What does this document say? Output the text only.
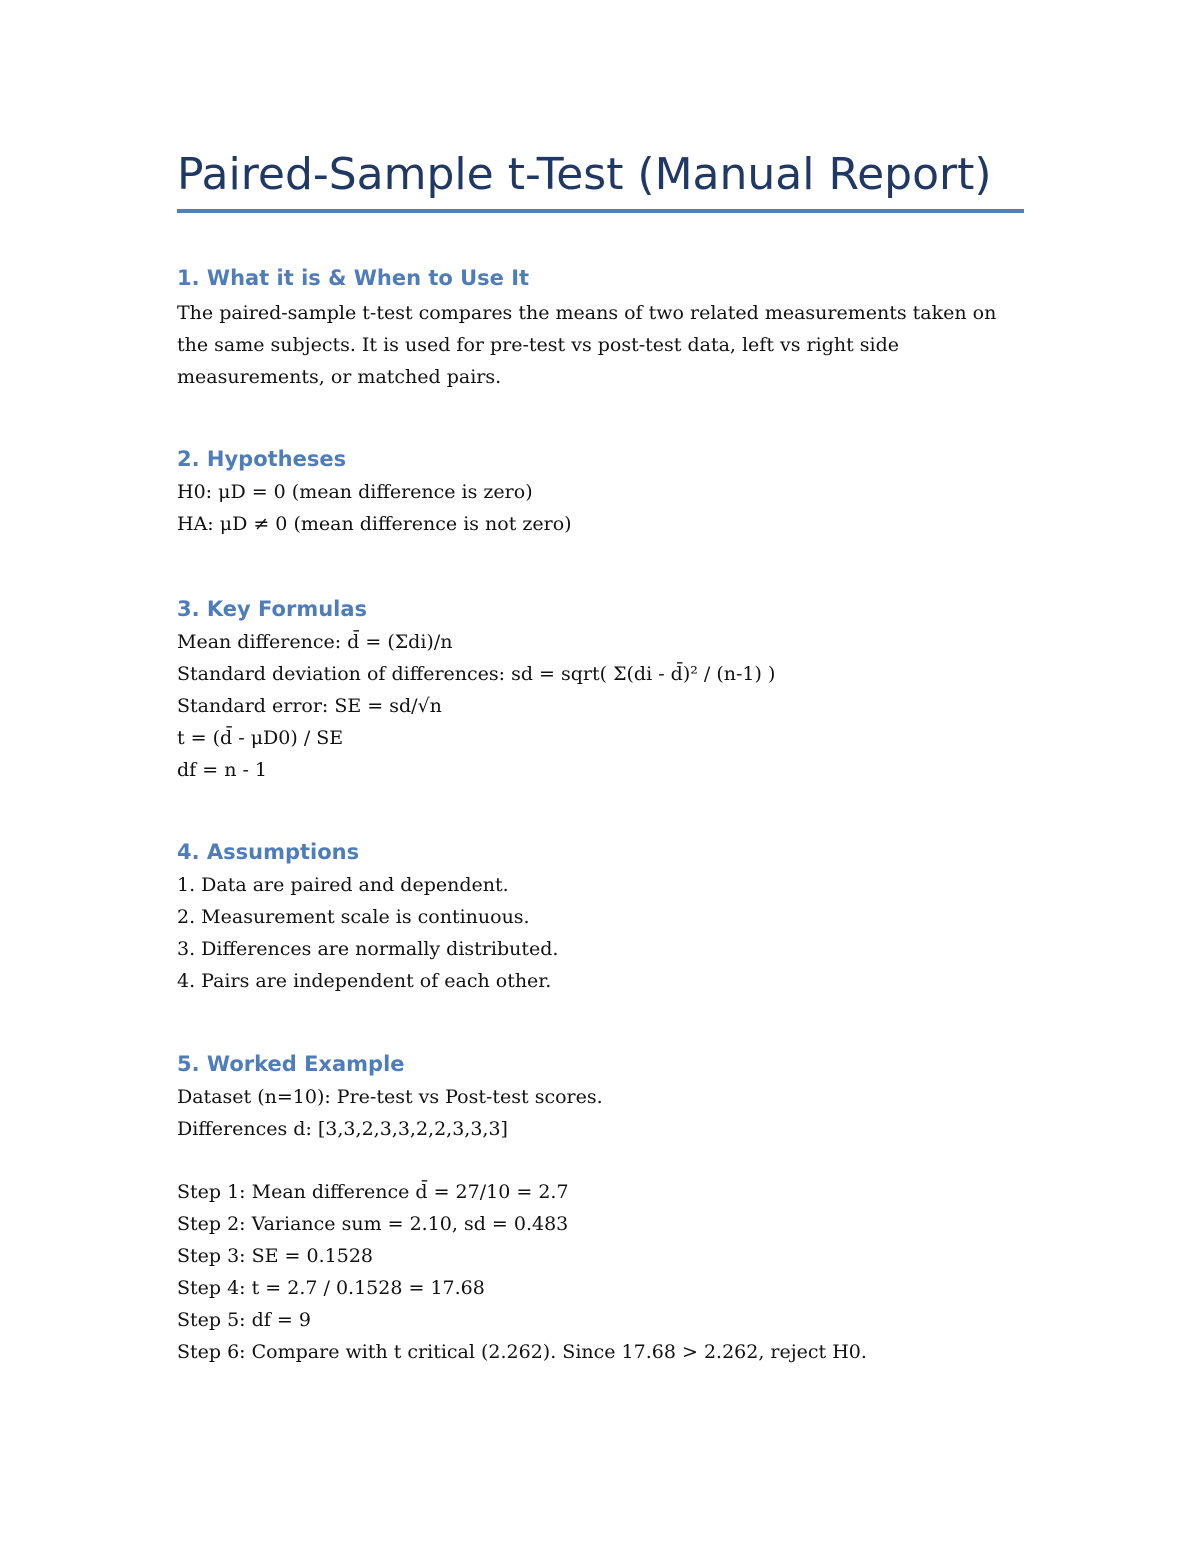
Paired-Sample t-Test (Manual Report)
1. What it is & When to Use It

The paired-sample t-test compares the means of two related measurements taken on the same subjects. It is used for pre-test vs post-test data, left vs right side measurements, or matched pairs.

2. Hypotheses
H0: μD = 0 (mean difference is zero)
HA: μD ≠ 0 (mean difference is not zero)
3. Key Formulas
Mean difference: d̄ = (Σdi)/n
Standard deviation of differences: sd = sqrt( Σ(di - d̄)² / (n-1) )
Standard error: SE = sd/√n
t = (d̄ - μD0) / SE
df = n - 1
4. Assumptions
1. Data are paired and dependent.
2. Measurement scale is continuous.
3. Differences are normally distributed.
4. Pairs are independent of each other.
5. Worked Example
Dataset (n=10): Pre-test vs Post-test scores.
Differences d: [3,3,2,3,3,2,2,3,3,3]
Step 1: Mean difference d̄ = 27/10 = 2.7
Step 2: Variance sum = 2.10, sd = 0.483
Step 3: SE = 0.1528
Step 4: t = 2.7 / 0.1528 = 17.68
Step 5: df = 9
Step 6: Compare with t critical (2.262). Since 17.68 > 2.262, reject H0.
